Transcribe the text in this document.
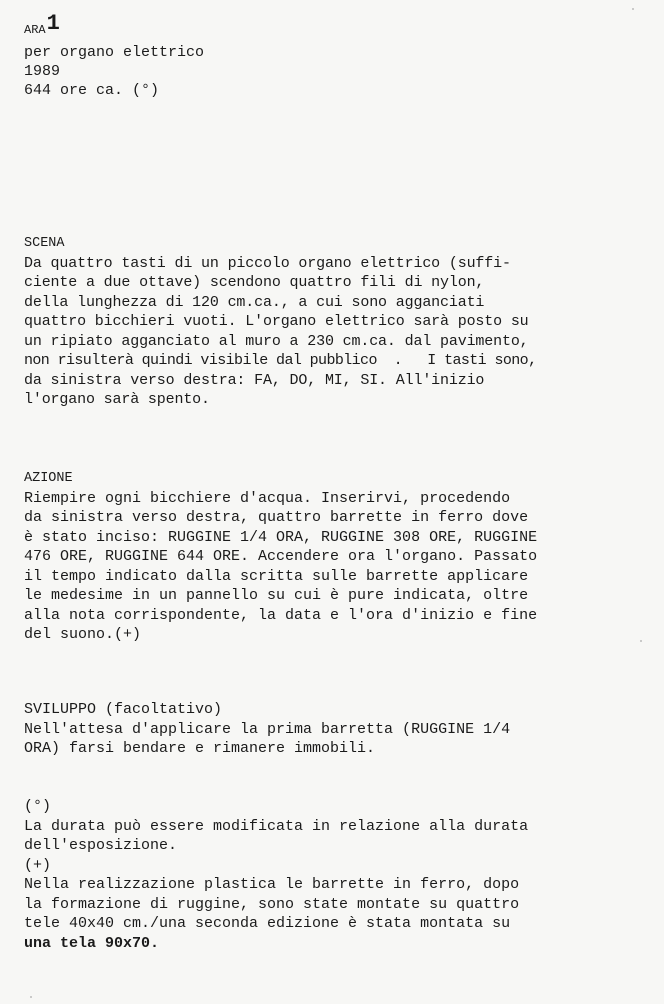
ARA1
per organo elettrico
1989
644 ore ca. (°)
SCENA
Da quattro tasti di un piccolo organo elettrico (suffi-
ciente a due ottave) scendono quattro fili di nylon,
della lunghezza di 120 cm.ca., a cui sono agganciati
quattro bicchieri vuoti. L'organo elettrico sarà posto su
un ripiato agganciato al muro a 230 cm.ca. dal pavimento,
non risulterà quindi visibile dal pubblico  .   I tasti sono,
da sinistra verso destra: FA, DO, MI, SI. All'inizio
l'organo sarà spento.
AZIONE
Riempire ogni bicchiere d'acqua. Inserirvi, procedendo
da sinistra verso destra, quattro barrette in ferro dove
è stato inciso: RUGGINE 1/4 ORA, RUGGINE 308 ORE, RUGGINE
476 ORE, RUGGINE 644 ORE. Accendere ora l'organo. Passato
il tempo indicato dalla scritta sulle barrette applicare
le medesime in un pannello su cui è pure indicata, oltre
alla nota corrispondente, la data e l'ora d'inizio e fine
del suono.(+)
SVILUPPO (facoltativo)
Nell'attesa d'applicare la prima barretta (RUGGINE 1/4
ORA) farsi bendare e rimanere immobili.
(°)
La durata può essere modificata in relazione alla durata
dell'esposizione.
(+)
Nella realizzazione plastica le barrette in ferro, dopo
la formazione di ruggine, sono state montate su quattro
tele 40x40 cm./una seconda edizione è stata montata su
una tela 90x70.
